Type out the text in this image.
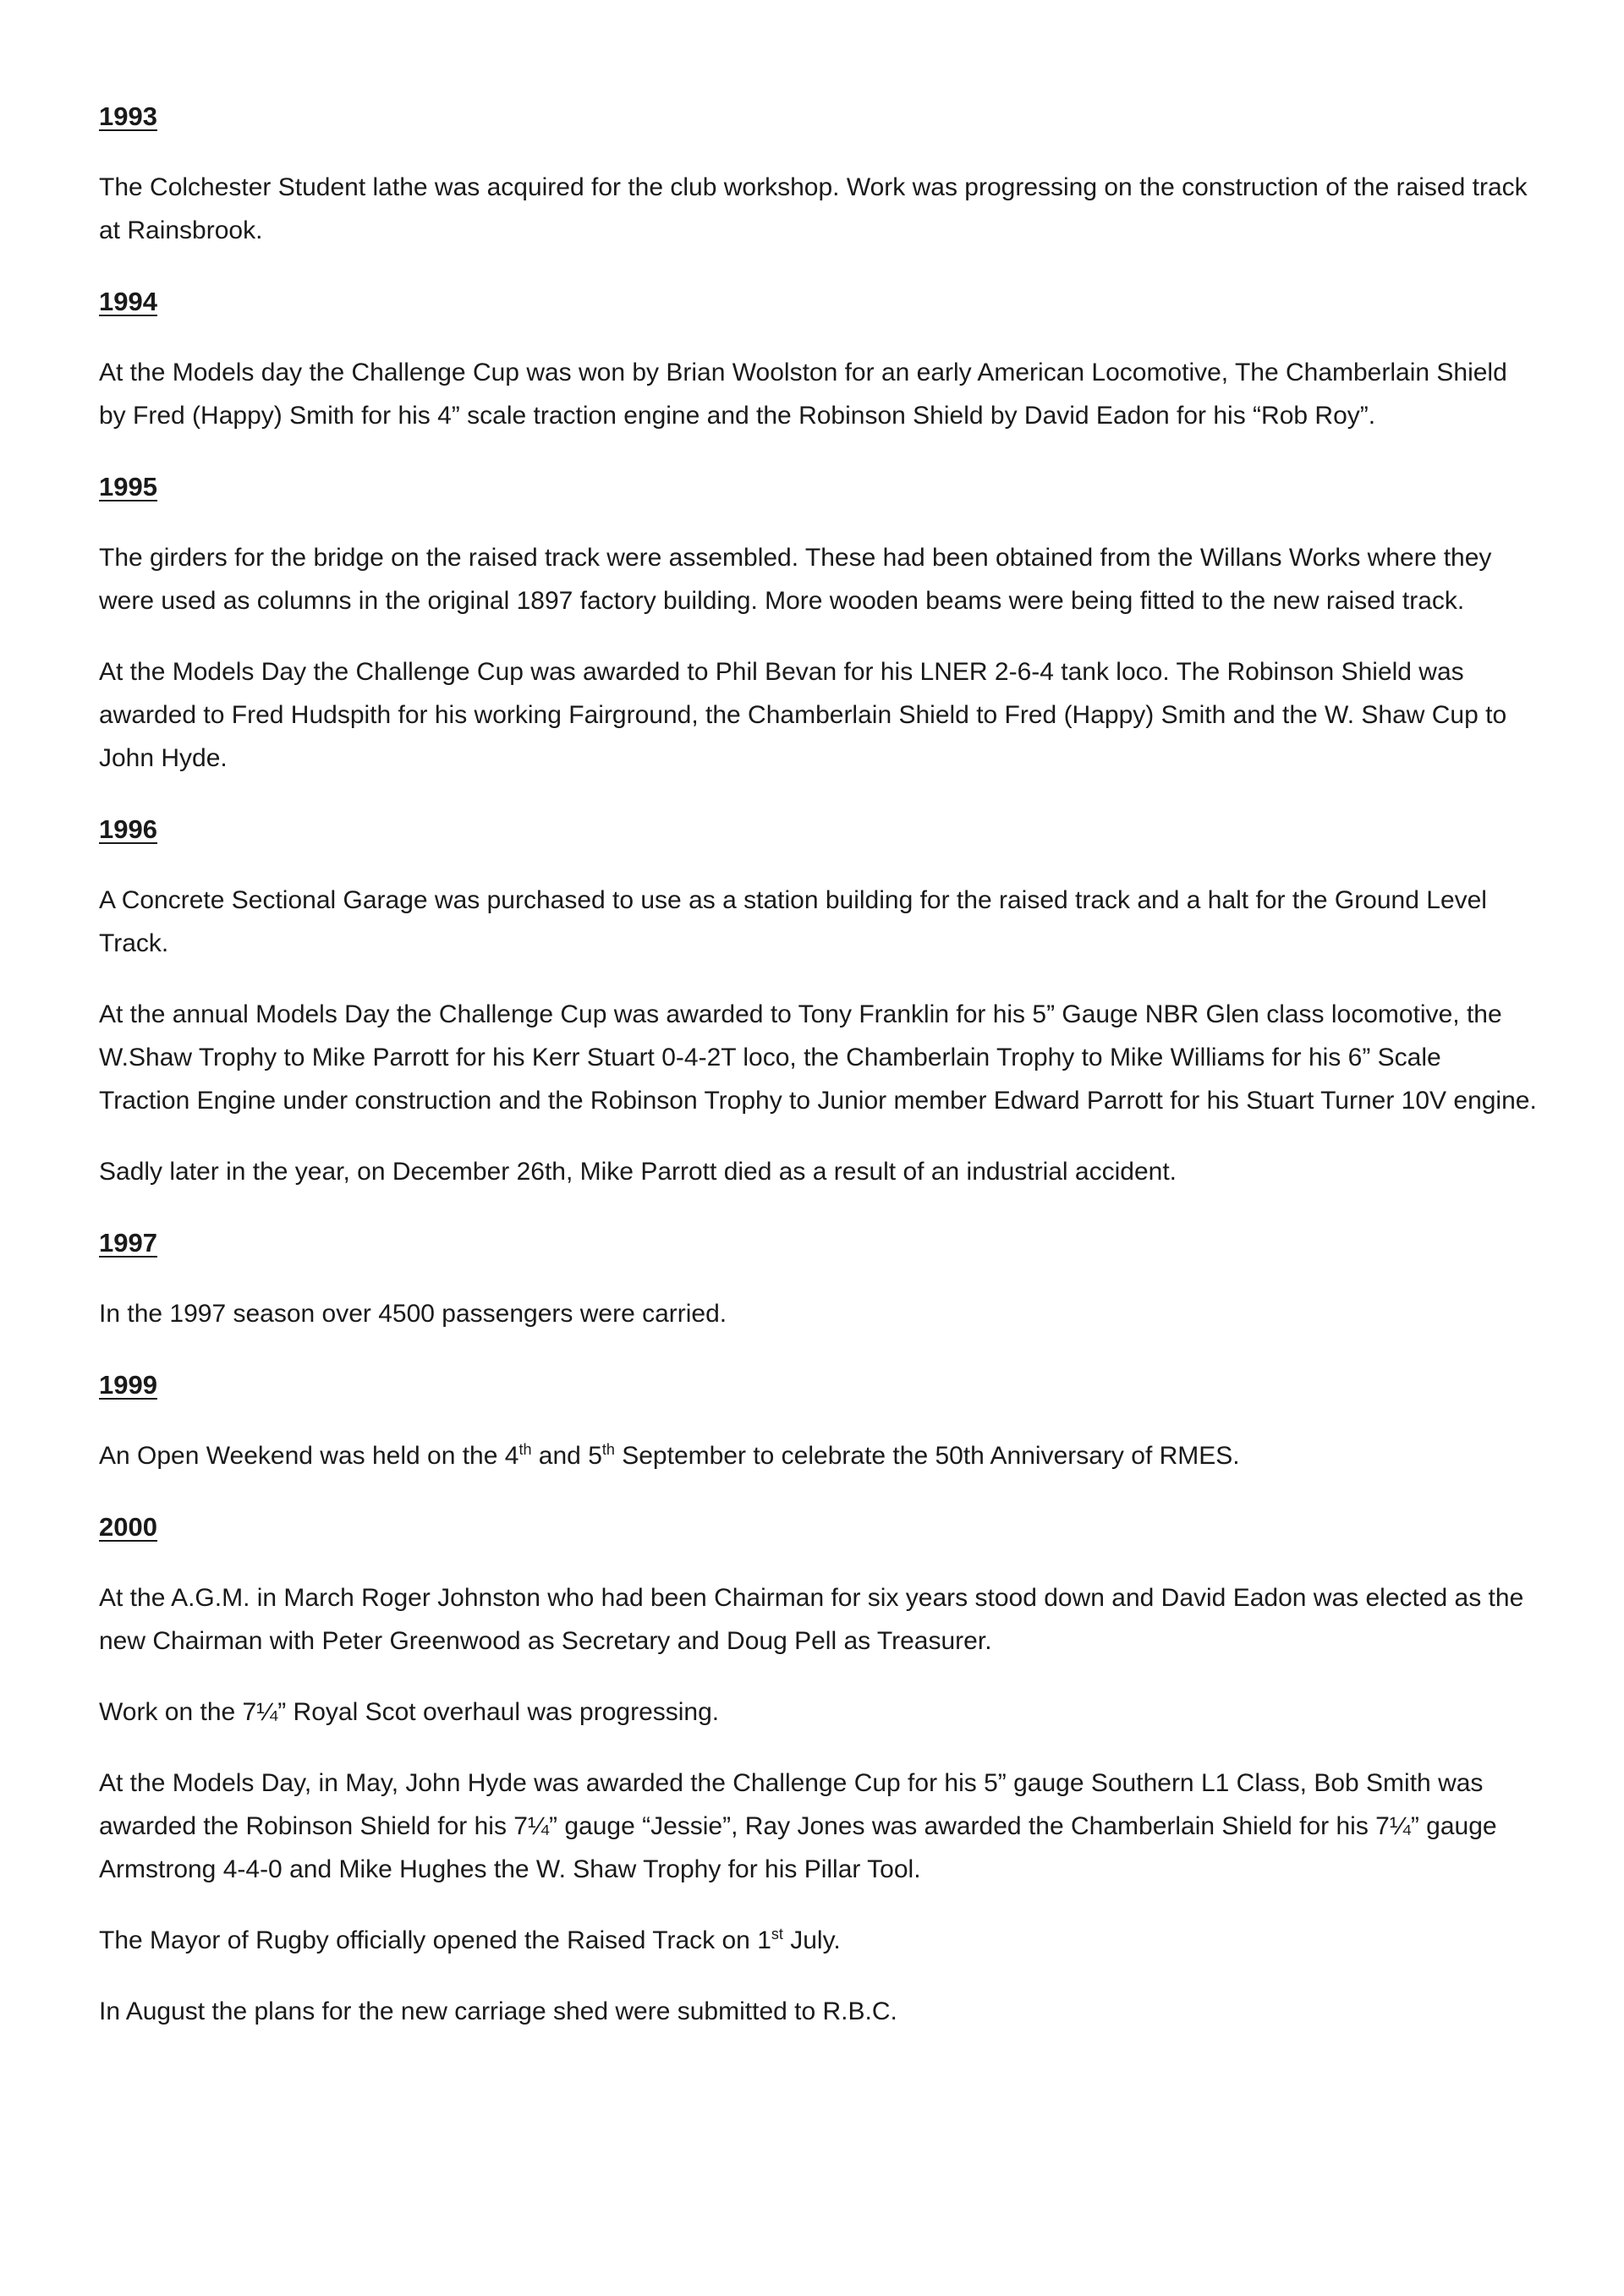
1993

The Colchester Student lathe was acquired for the club workshop. Work was progressing on the construction of the raised track at Rainsbrook.

1994

At the Models day the Challenge Cup was won by Brian Woolston for an early American Locomotive, The Chamberlain Shield by Fred (Happy) Smith for his 4” scale traction engine and the Robinson Shield by David Eadon for his “Rob Roy”.

1995

The girders for the bridge on the raised track were assembled. These had been obtained from the Willans Works where they were used as columns in the original 1897 factory building. More wooden beams were being fitted to the new raised track.

At the Models Day the Challenge Cup was awarded to Phil Bevan for his LNER 2-6-4 tank loco. The Robinson Shield was awarded to Fred Hudspith for his working Fairground, the Chamberlain Shield to Fred (Happy) Smith and the W. Shaw Cup to John Hyde.

1996

A Concrete Sectional Garage was purchased to use as a station building for the raised track and a halt for the Ground Level Track.

At the annual Models Day the Challenge Cup was awarded to Tony Franklin for his 5” Gauge NBR Glen class locomotive, the W.Shaw Trophy to Mike Parrott for his Kerr Stuart 0-4-2T loco, the Chamberlain Trophy to Mike Williams for his 6” Scale Traction Engine under construction and the Robinson Trophy to Junior member Edward Parrott for his Stuart Turner 10V engine.

Sadly later in the year, on December 26th, Mike Parrott died as a result of an industrial accident.

1997

In the 1997 season over 4500 passengers were carried.

1999

An Open Weekend was held on the 4th and 5th September to celebrate the 50th Anniversary of RMES.

2000

At the A.G.M. in March Roger Johnston who had been Chairman for six years stood down and David Eadon was elected as the new Chairman with Peter Greenwood as Secretary and Doug Pell as Treasurer.

Work on the 7¼” Royal Scot overhaul was progressing.

At the Models Day, in May, John Hyde was awarded the Challenge Cup for his 5” gauge Southern L1 Class, Bob Smith was awarded the Robinson Shield for his 7¼” gauge “Jessie”, Ray Jones was awarded the Chamberlain Shield for his 7¼” gauge Armstrong 4-4-0 and Mike Hughes the W. Shaw Trophy for his Pillar Tool.

The Mayor of Rugby officially opened the Raised Track on 1st July.

In August the plans for the new carriage shed were submitted to R.B.C.
